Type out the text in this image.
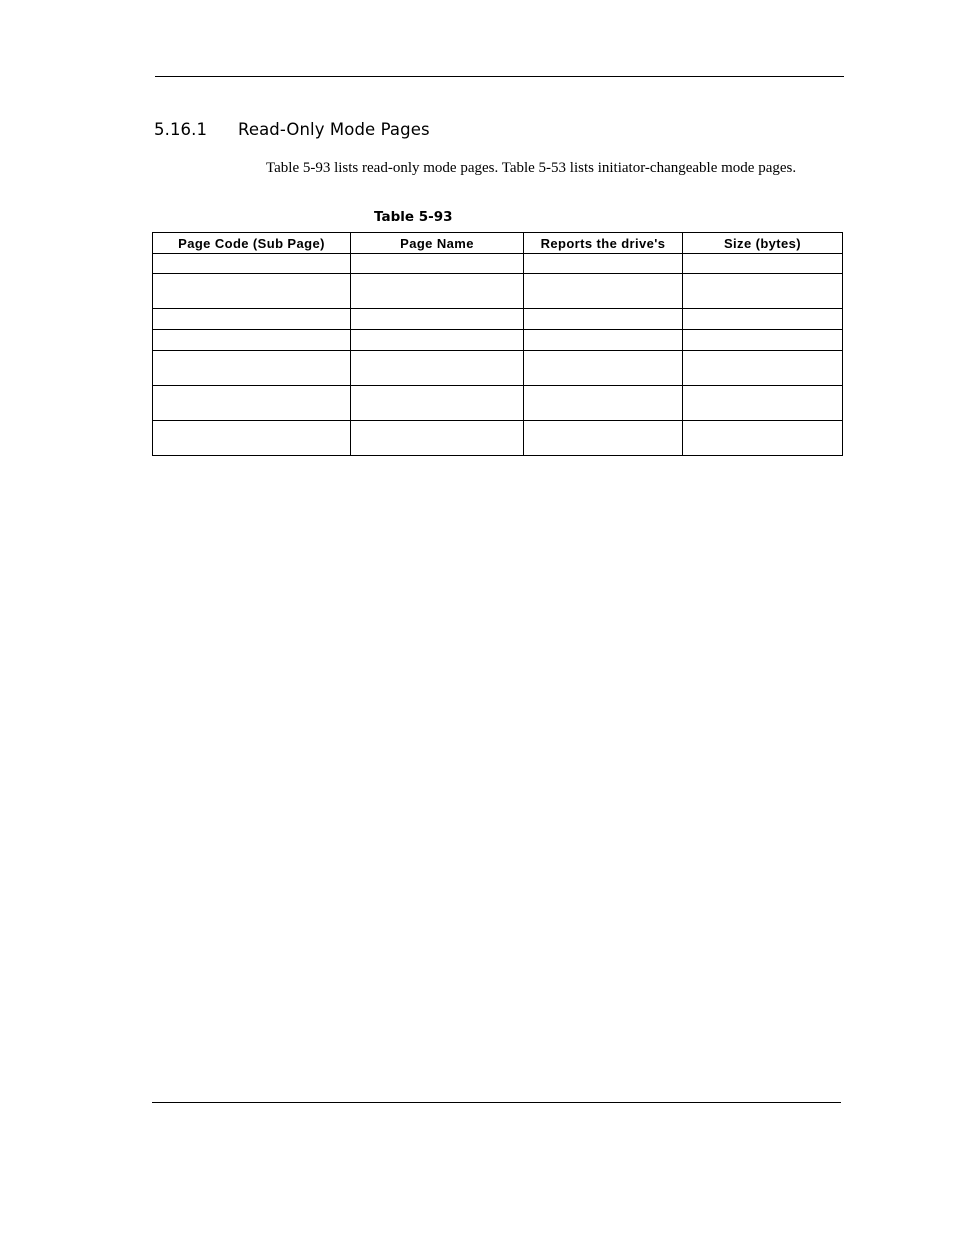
5.16.1 Read-Only Mode Pages

Table 5-93 lists read-only mode pages. Table 5-53 lists initiator-changeable mode pages.

Table 5-93
Page Code (Sub Page)	Page Name	Reports the drive's	Size (bytes)
